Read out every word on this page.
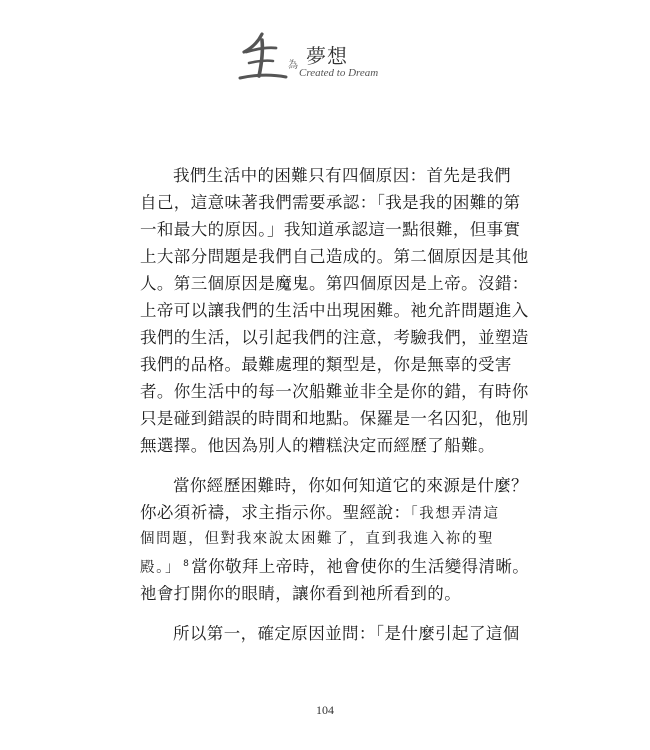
為 夢想
Created to Dream
我們生活中的困難只有四個原因：首先是我們
自己，這意味著我們需要承認：「我是我的困難的第
一和最大的原因。」我知道承認這一點很難，但事實
上大部分問題是我們自己造成的。第二個原因是其他
人。第三個原因是魔鬼。第四個原因是上帝。沒錯：
上帝可以讓我們的生活中出現困難。祂允許問題進入
我們的生活，以引起我們的注意，考驗我們，並塑造
我們的品格。最難處理的類型是，你是無辜的受害
者。你生活中的每一次船難並非全是你的錯，有時你
只是碰到錯誤的時間和地點。保羅是一名囚犯，他別
無選擇。他因為別人的糟糕決定而經歷了船難。
當你經歷困難時，你如何知道它的來源是什麼？
你必須祈禱，求主指示你。聖經說：「我想弄清這
個問題，但對我來說太困難了，直到我進入祢的聖
殿。」 $^8$ 當你敬拜上帝時，祂會使你的生活變得清晰。
祂會打開你的眼睛，讓你看到祂所看到的。
所以第一，確定原因並問：「是什麼引起了這個
104
